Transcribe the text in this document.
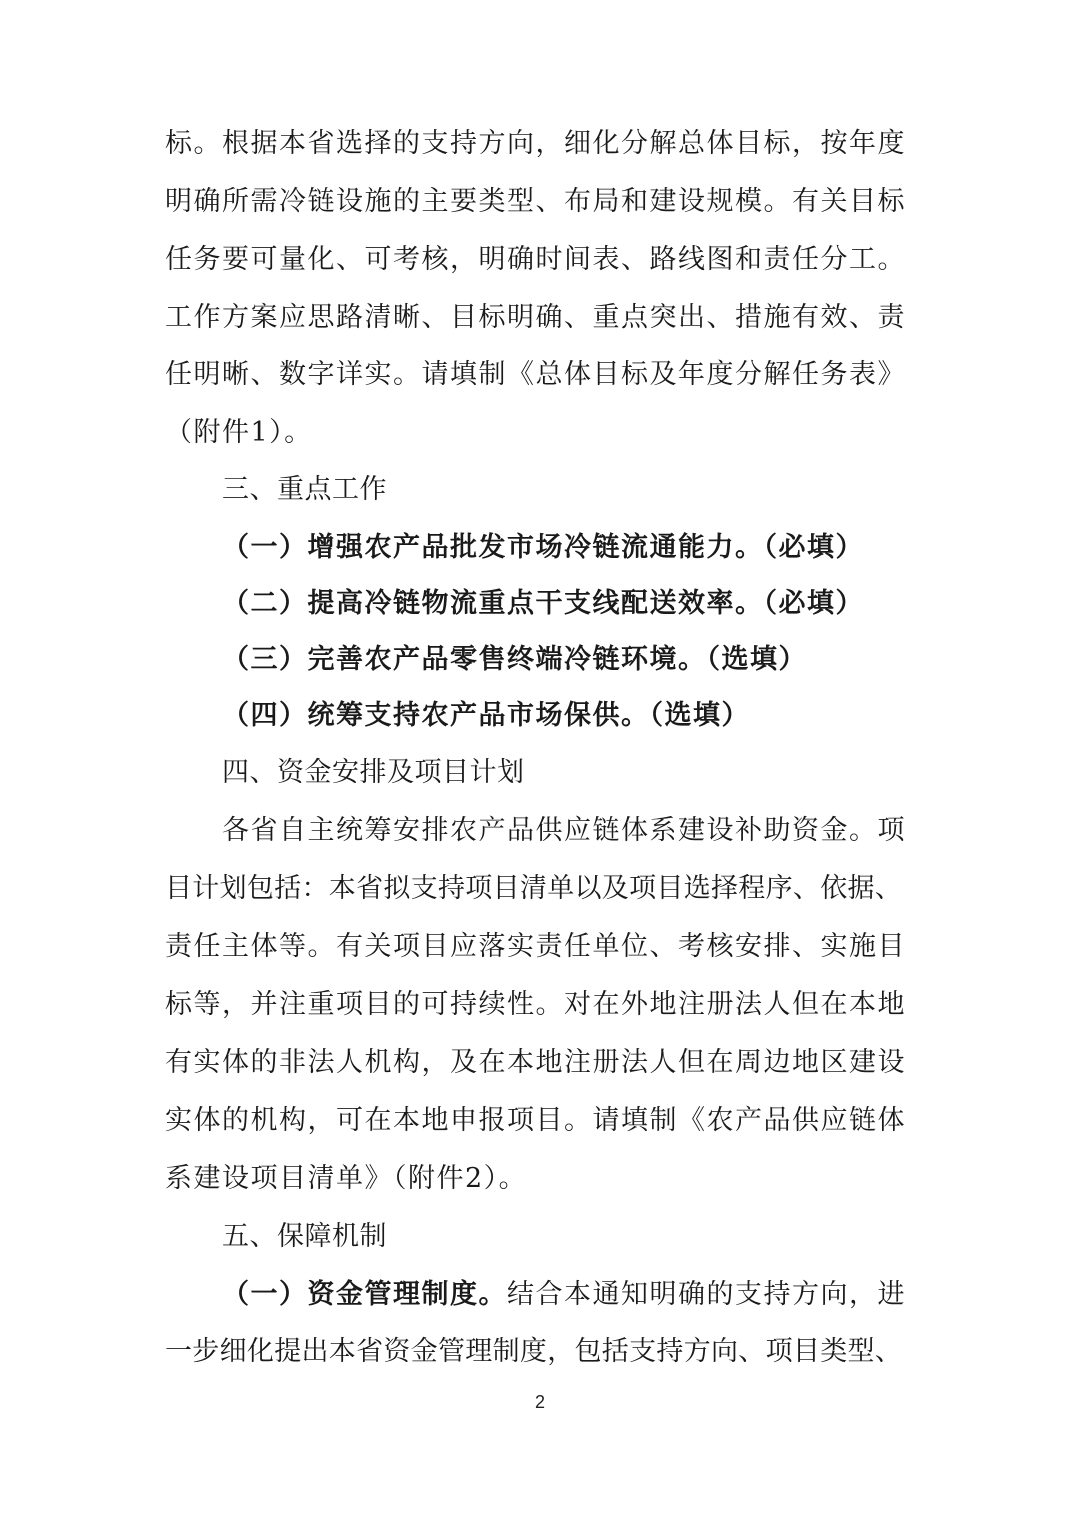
标。根据本省选择的支持方向，细化分解总体目标，按年度
明确所需冷链设施的主要类型、布局和建设规模。有关目标
任务要可量化、可考核，明确时间表、路线图和责任分工。
工作方案应思路清晰、目标明确、重点突出、措施有效、责
任明晰、数字详实。请填制《总体目标及年度分解任务表》
（附件1）。
三、重点工作
（一）增强农产品批发市场冷链流通能力。（必填）
（二）提高冷链物流重点干支线配送效率。（必填）
（三）完善农产品零售终端冷链环境。（选填）
（四）统筹支持农产品市场保供。（选填）
四、资金安排及项目计划
各省自主统筹安排农产品供应链体系建设补助资金。项
目计划包括：本省拟支持项目清单以及项目选择程序、依据、
责任主体等。有关项目应落实责任单位、考核安排、实施目
标等，并注重项目的可持续性。对在外地注册法人但在本地
有实体的非法人机构，及在本地注册法人但在周边地区建设
实体的机构，可在本地申报项目。请填制《农产品供应链体
系建设项目清单》（附件2）。
五、保障机制
（一）资金管理制度。结合本通知明确的支持方向，进
一步细化提出本省资金管理制度，包括支持方向、项目类型、
2
